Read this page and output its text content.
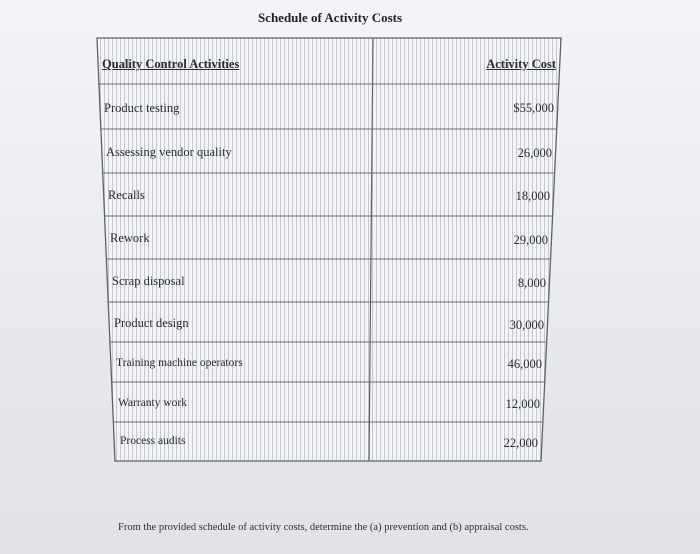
Schedule of Activity Costs
Quality Control Activities	Activity Cost
Product testing	$55,000
Assessing vendor quality	26,000
Recalls	18,000
Rework	29,000
Scrap disposal	8,000
Product design	30,000
Training machine operators	46,000
Warranty work	12,000
Process audits	22,000
From the provided schedule of activity costs, determine the (a) prevention and (b) appraisal costs.
